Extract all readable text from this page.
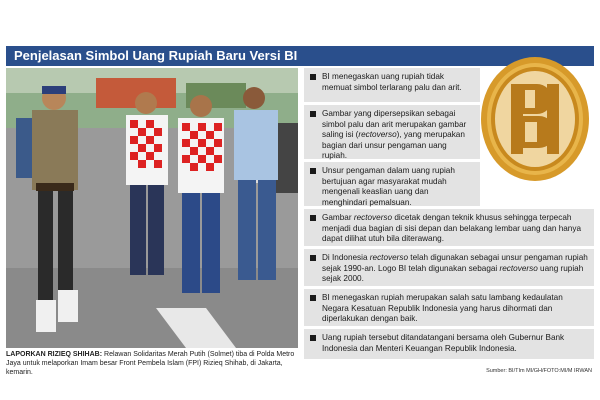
Penjelasan Simbol Uang Rupiah Baru Versi BI
LAPORKAN RIZIEQ SHIHAB: Relawan Solidaritas Merah Putih (Solmet) tiba di Polda Metro Jaya untuk melaporkan Imam besar Front Pembela Islam (FPI) Rizieq Shihab, di Jakarta, kemarin.
BI menegaskan uang rupiah tidak memuat simbol terlarang palu dan arit.
Gambar yang dipersepsikan sebagai simbol palu dan arit merupakan gambar saling isi (rectoverso), yang merupakan bagian dari unsur pengaman uang rupiah.
Unsur pengaman dalam uang rupiah bertujuan agar masyarakat mudah mengenali keaslian uang dan menghindari pemalsuan.
Gambar rectoverso dicetak dengan teknik khusus sehingga terpecah menjadi dua bagian di sisi depan dan belakang lembar uang dan hanya dapat dilihat utuh bila diterawang.
Di Indonesia rectoverso telah digunakan sebagai unsur pengaman rupiah sejak 1990-an. Logo BI telah digunakan sebagai rectoverso uang rupiah sejak 2000.
BI menegaskan rupiah merupakan salah satu lambang kedaulatan Negara Kesatuan Republik Indonesia yang harus dihormati dan diperlakukan dengan baik.
Uang rupiah tersebut ditandatangani bersama oleh Gubernur Bank Indonesia dan Menteri Keuangan Republik Indonesia.
Sumber: BI/TIm MI/GH/FOTO:MI/M IRWAN
